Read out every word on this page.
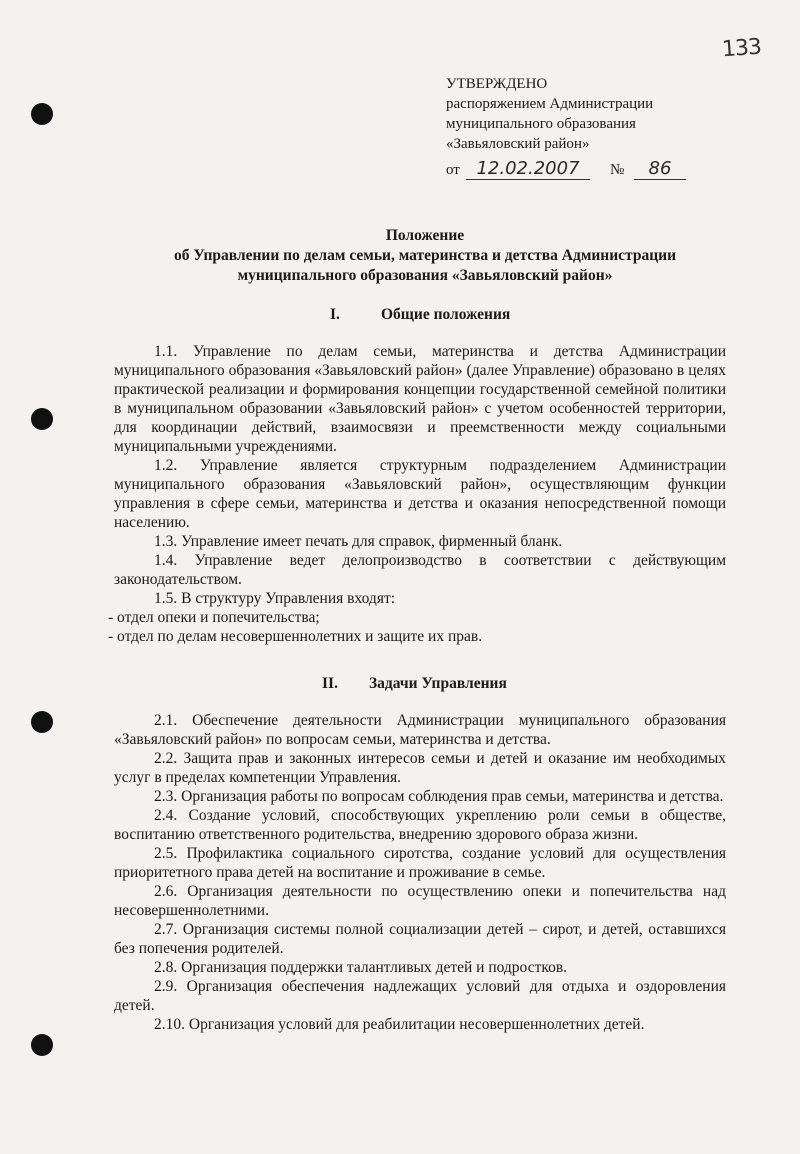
133
УТВЕРЖДЕНО
распоряжением Администрации
муниципального образования
«Завьяловский район»
от 12.02.2007	№	86
Положение
об Управлении по делам семьи, материнства и детства Администрации
муниципального образования «Завьяловский район»
I.	Общие положения

1.1. Управление по делам семьи, материнства и детства Администрации муниципального образования «Завьяловский район» (далее Управление) образовано в целях практической реализации и формирования концепции государственной семейной политики в муниципальном образовании «Завьяловский район» с учетом особенностей территории, для координации действий, взаимосвязи и преемственности между социальными муниципальными учреждениями.

1.2. Управление является структурным подразделением Администрации муниципального образования «Завьяловский район», осуществляющим функции управления в сфере семьи, материнства и детства и оказания непосредственной помощи населению.

1.3. Управление имеет печать для справок, фирменный бланк.

1.4. Управление ведет делопроизводство в соответствии с действующим законодательством.

1.5. В структуру Управления входят:

- отдел опеки и попечительства;

- отдел по делам несовершеннолетних и защите их прав.

II. Задачи Управления

2.1. Обеспечение деятельности Администрации муниципального образования «Завьяловский район» по вопросам семьи, материнства и детства.

2.2. Защита прав и законных интересов семьи и детей и оказание им необходимых услуг в пределах компетенции Управления.

2.3. Организация работы по вопросам соблюдения прав семьи, материнства и детства.

2.4. Создание условий, способствующих укреплению роли семьи в обществе, воспитанию ответственного родительства, внедрению здорового образа жизни.

2.5. Профилактика социального сиротства, создание условий для осуществления приоритетного права детей на воспитание и проживание в семье.

2.6. Организация деятельности по осуществлению опеки и попечительства над несовершеннолетними.

2.7. Организация системы полной социализации детей – сирот, и детей, оставшихся без попечения родителей.

2.8. Организация поддержки талантливых детей и подростков.

2.9. Организация обеспечения надлежащих условий для отдыха и оздоровления детей.

2.10. Организация условий для реабилитации несовершеннолетних детей.
